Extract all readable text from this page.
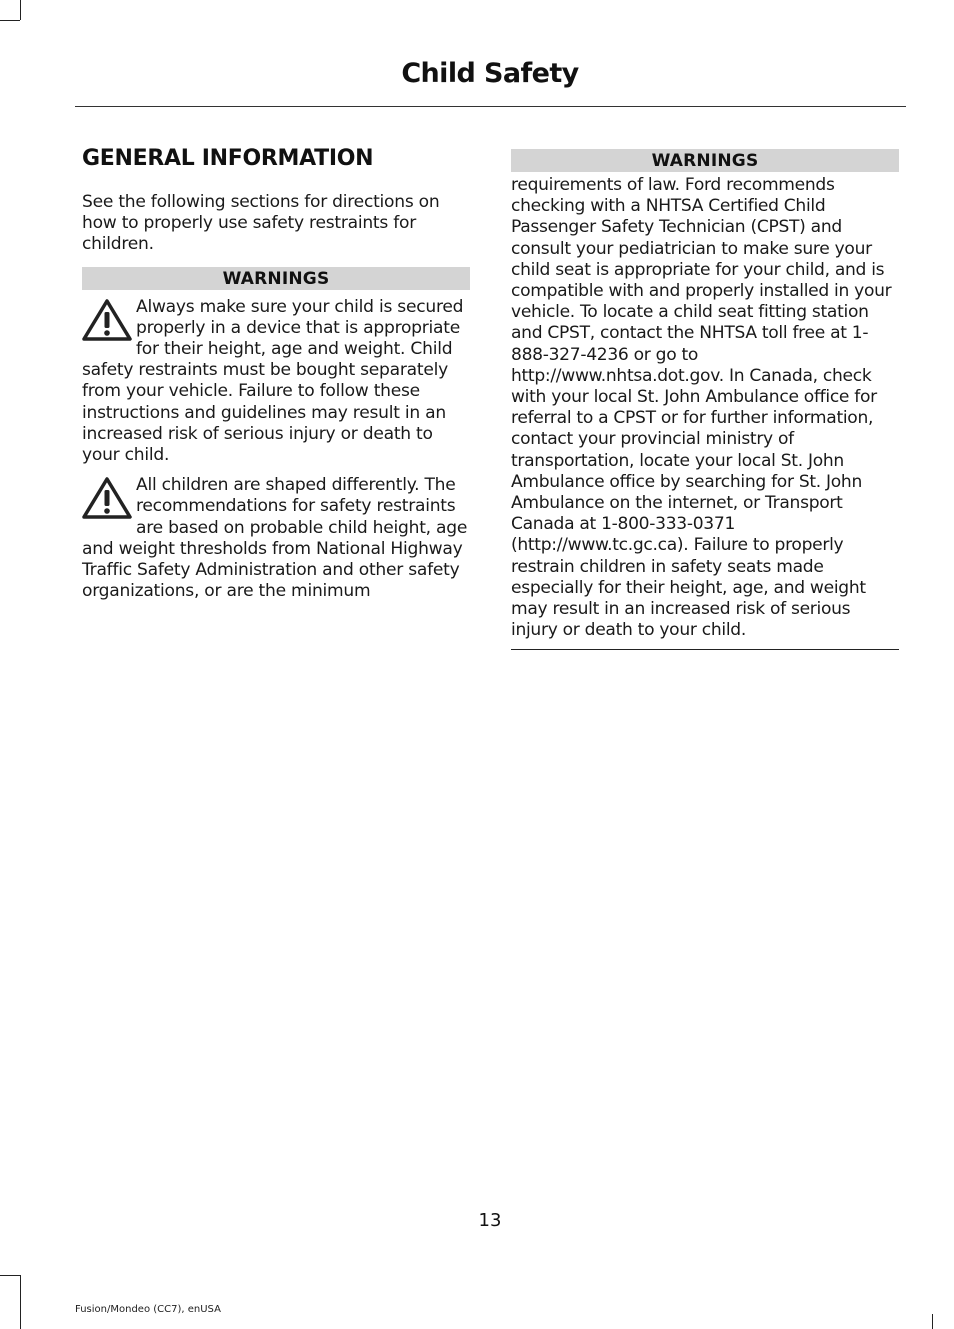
Child Safety
GENERAL INFORMATION

See the following sections for directions on how to properly use safety restraints for children.

WARNINGS

Always make sure your child is secured properly in a device that is appropriate for their height, age and weight. Child safety restraints must be bought separately from your vehicle. Failure to follow these instructions and guidelines may result in an increased risk of serious injury or death to your child.

All children are shaped differently. The recommendations for safety restraints are based on probable child height, age and weight thresholds from National Highway Traffic Safety Administration and other safety organizations, or are the minimum

WARNINGS

requirements of law. Ford recommends checking with a NHTSA Certified Child Passenger Safety Technician (CPST) and consult your pediatrician to make sure your child seat is appropriate for your child, and is compatible with and properly installed in your vehicle. To locate a child seat fitting station and CPST, contact the NHTSA toll free at 1-888-327-4236 or go to http://www.nhtsa.dot.gov. In Canada, check with your local St. John Ambulance office for referral to a CPST or for further information, contact your provincial ministry of transportation, locate your local St. John Ambulance office by searching for St. John Ambulance on the internet, or Transport Canada at 1-800-333-0371 (http://www.tc.gc.ca). Failure to properly restrain children in safety seats made especially for their height, age, and weight may result in an increased risk of serious injury or death to your child.

13
Fusion/Mondeo (CC7), enUSA
